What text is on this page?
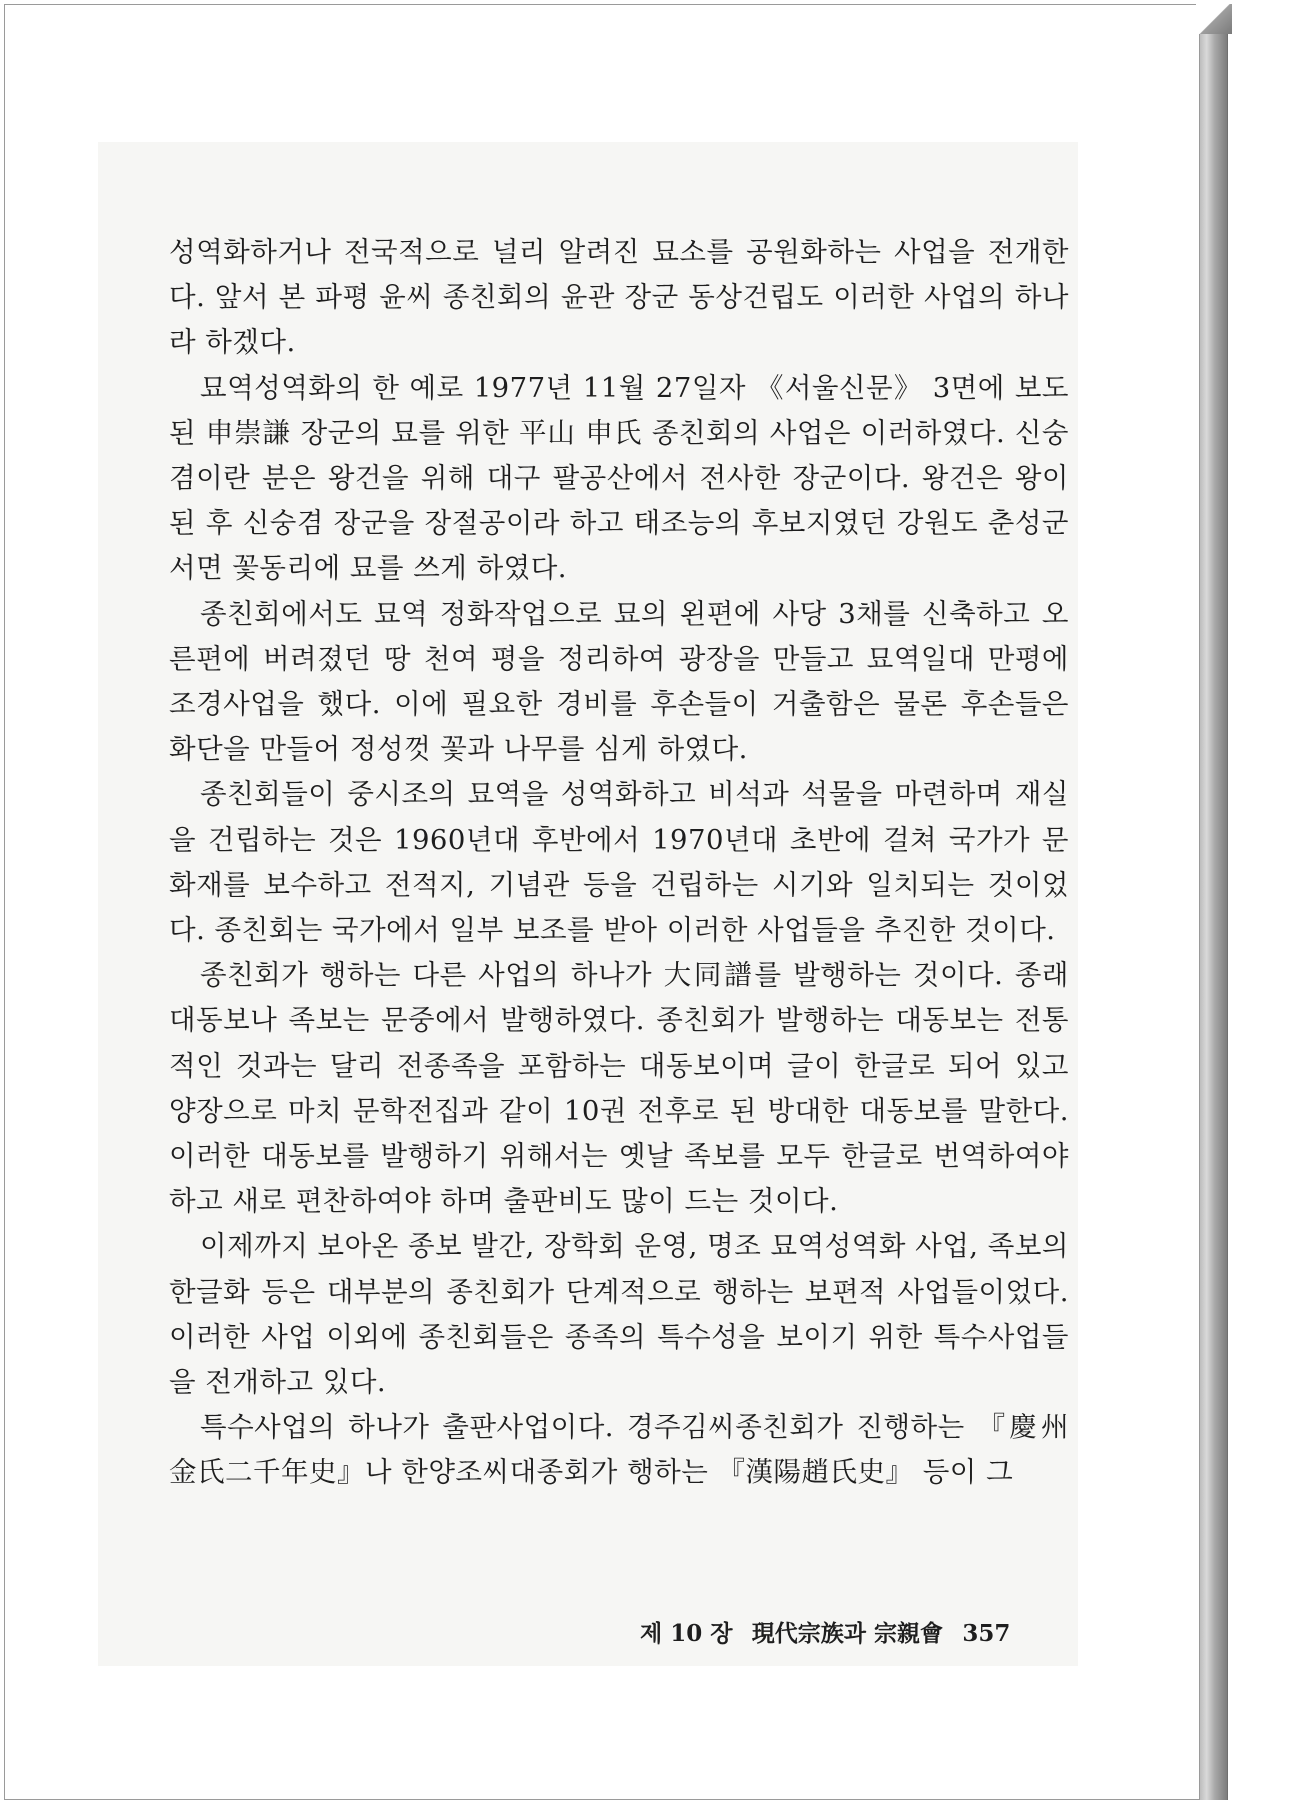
성역화하거나 전국적으로 널리 알려진 묘소를 공원화하는 사업을 전개한다. 앞서 본 파평 윤씨 종친회의 윤관 장군 동상건립도 이러한 사업의 하나라 하겠다.

묘역성역화의 한 예로 1977년 11월 27일자 《서울신문》 3면에 보도된 申崇謙 장군의 묘를 위한 平山 申氏 종친회의 사업은 이러하였다. 신숭겸이란 분은 왕건을 위해 대구 팔공산에서 전사한 장군이다. 왕건은 왕이 된 후 신숭겸 장군을 장절공이라 하고 태조능의 후보지였던 강원도 춘성군 서면 꽃동리에 묘를 쓰게 하였다.

종친회에서도 묘역 정화작업으로 묘의 왼편에 사당 3채를 신축하고 오른편에 버려졌던 땅 천여 평을 정리하여 광장을 만들고 묘역일대 만평에 조경사업을 했다. 이에 필요한 경비를 후손들이 거출함은 물론 후손들은 화단을 만들어 정성껏 꽃과 나무를 심게 하였다.

종친회들이 중시조의 묘역을 성역화하고 비석과 석물을 마련하며 재실을 건립하는 것은 1960년대 후반에서 1970년대 초반에 걸쳐 국가가 문화재를 보수하고 전적지, 기념관 등을 건립하는 시기와 일치되는 것이었다. 종친회는 국가에서 일부 보조를 받아 이러한 사업들을 추진한 것이다.

종친회가 행하는 다른 사업의 하나가 大同譜를 발행하는 것이다. 종래 대동보나 족보는 문중에서 발행하였다. 종친회가 발행하는 대동보는 전통적인 것과는 달리 전종족을 포함하는 대동보이며 글이 한글로 되어 있고 양장으로 마치 문학전집과 같이 10권 전후로 된 방대한 대동보를 말한다. 이러한 대동보를 발행하기 위해서는 옛날 족보를 모두 한글로 번역하여야 하고 새로 편찬하여야 하며 출판비도 많이 드는 것이다.

이제까지 보아온 종보 발간, 장학회 운영, 명조 묘역성역화 사업, 족보의 한글화 등은 대부분의 종친회가 단계적으로 행하는 보편적 사업들이었다. 이러한 사업 이외에 종친회들은 종족의 특수성을 보이기 위한 특수사업들을 전개하고 있다.

특수사업의 하나가 출판사업이다. 경주김씨종친회가 진행하는 『慶州金氏二千年史』나 한양조씨대종회가 행하는 『漢陽趙氏史』 등이 그

제 10 장 現代宗族과 宗親會 357
